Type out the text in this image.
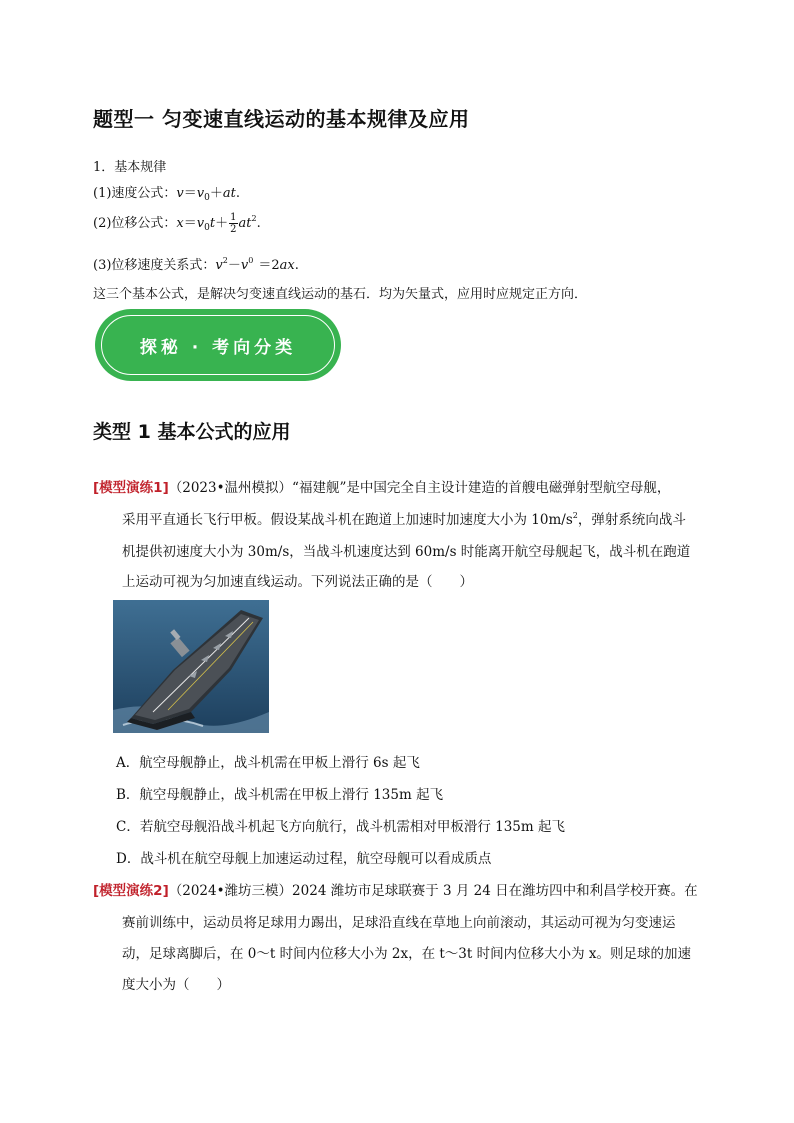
题型一 匀变速直线运动的基本规律及应用
1．基本规律
(1)速度公式：$v=v_0+at$.
(2)位移公式：$x=v_0t+ \frac{1}{2} at^2$.
(3)位移速度关系式：$v^2-v^0$　 ＝2ax.
这三个基本公式，是解决匀变速直线运动的基石．均为矢量式，应用时应规定正方向．
探秘 · 考向分类
类型 1 基本公式的应用
[模型演练1]（2023•温州模拟）“福建舰”是中国完全自主设计建造的首艘电磁弹射型航空母舰，
采用平直通长飞行甲板。假设某战斗机在跑道上加速时加速度大小为 $10m/s^2$，弹射系统向战斗
机提供初速度大小为 30m/s，当战斗机速度达到 60m/s 时能离开航空母舰起飞，战斗机在跑道
上运动可视为匀加速直线运动。下列说法正确的是（　　）
A．航空母舰静止，战斗机需在甲板上滑行 6s 起飞
B．航空母舰静止，战斗机需在甲板上滑行 135m 起飞
C．若航空母舰沿战斗机起飞方向航行，战斗机需相对甲板滑行 135m 起飞
D．战斗机在航空母舰上加速运动过程，航空母舰可以看成质点
[模型演练2]（2024•潍坊三模）2024 潍坊市足球联赛于 3 月 24 日在潍坊四中和利昌学校开赛。在
赛前训练中，运动员将足球用力踢出，足球沿直线在草地上向前滚动，其运动可视为匀变速运
动，足球离脚后，在 0～t 时间内位移大小为 2x，在 t～3t 时间内位移大小为 x。则足球的加速
度大小为（　　）
